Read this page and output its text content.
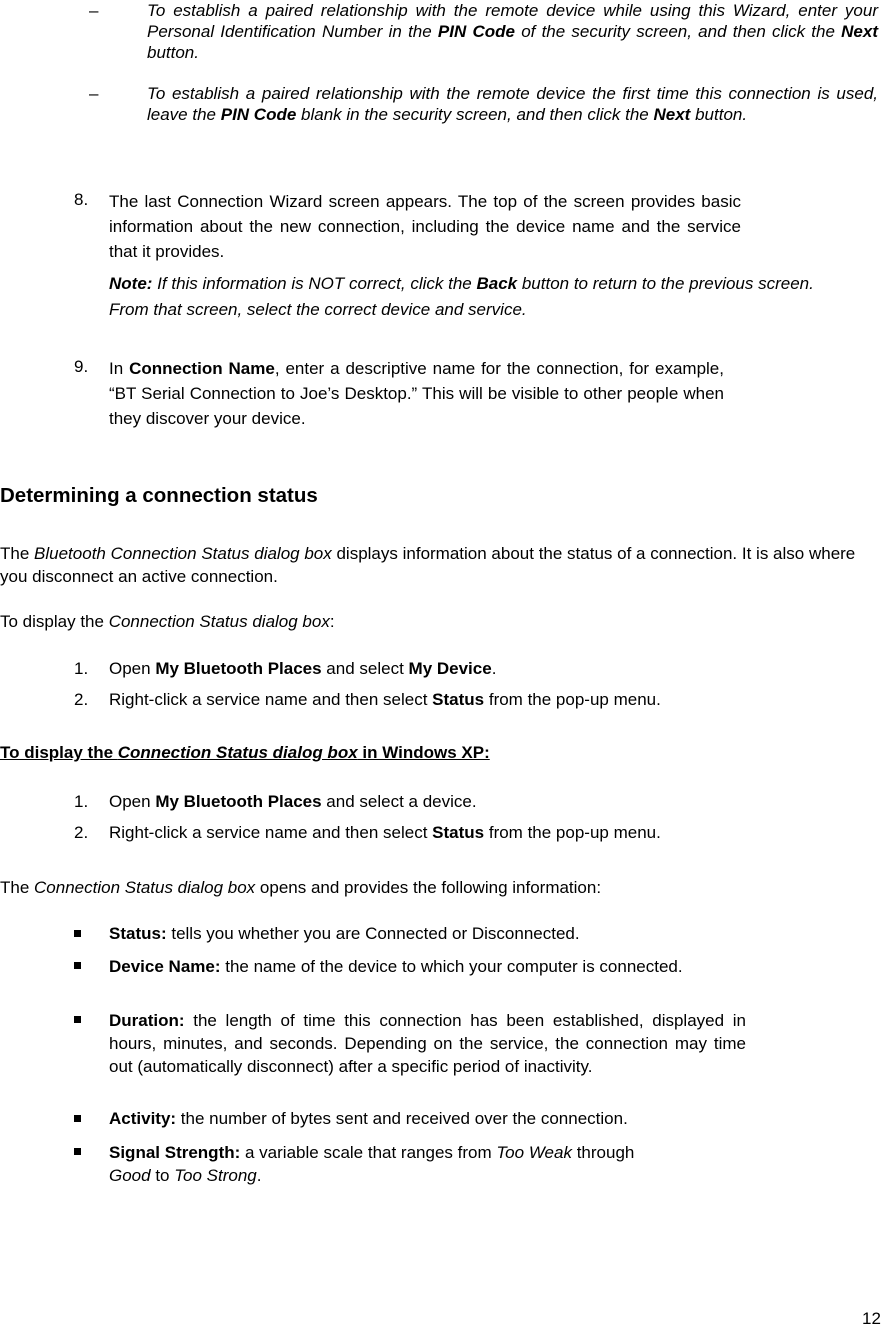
–	To establish a paired relationship with the remote device while using this Wizard, enter your Personal Identification Number in the PIN Code of the security screen, and then click the Next button.
–	To establish a paired relationship with the remote device the first time this connection is used, leave the PIN Code blank in the security screen, and then click the Next button.
8. The last Connection Wizard screen appears. The top of the screen provides basic information about the new connection, including the device name and the service that it provides.
Note: If this information is NOT correct, click the Back button to return to the previous screen. From that screen, select the correct device and service.
9. In Connection Name, enter a descriptive name for the connection, for example, “BT Serial Connection to Joe’s Desktop.” This will be visible to other people when they discover your device.
Determining a connection status
The Bluetooth Connection Status dialog box displays information about the status of a connection. It is also where you disconnect an active connection.
To display the Connection Status dialog box:
1. Open My Bluetooth Places and select My Device.
2. Right-click a service name and then select Status from the pop-up menu.
To display the Connection Status dialog box in Windows XP:
1. Open My Bluetooth Places and select a device.
2. Right-click a service name and then select Status from the pop-up menu.
The Connection Status dialog box opens and provides the following information:
Status: tells you whether you are Connected or Disconnected.
Device Name: the name of the device to which your computer is connected.
Duration: the length of time this connection has been established, displayed in hours, minutes, and seconds. Depending on the service, the connection may time out (automatically disconnect) after a specific period of inactivity.
Activity: the number of bytes sent and received over the connection.
Signal Strength: a variable scale that ranges from Too Weak through
Good to Too Strong.
12
